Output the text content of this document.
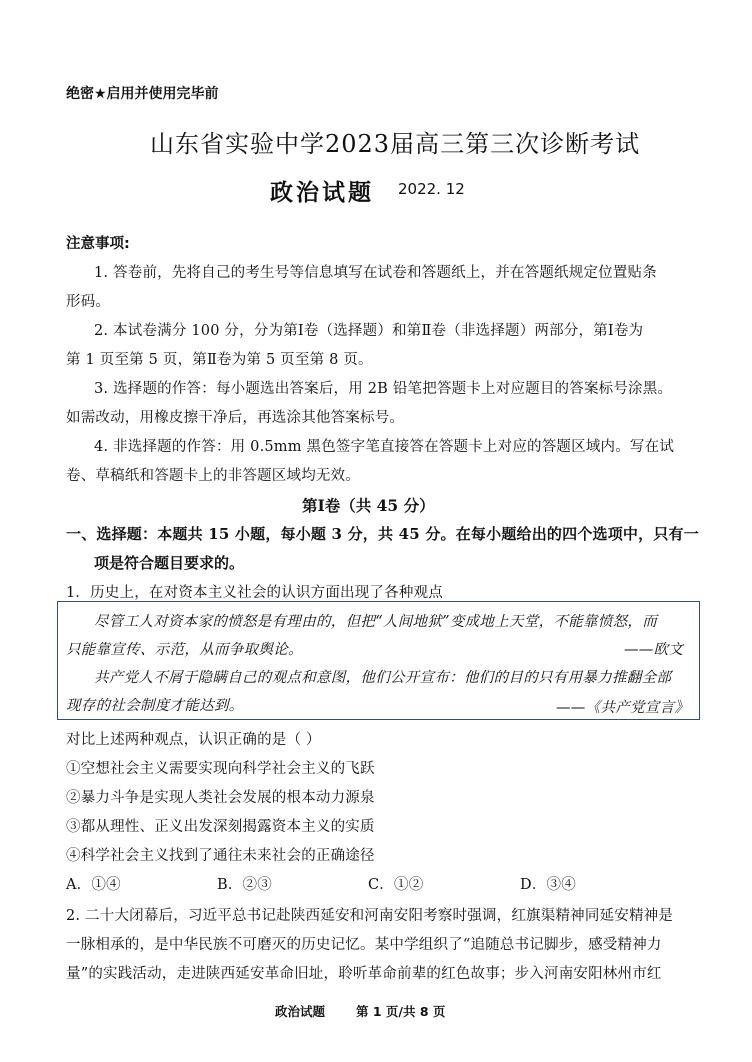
绝密★启用并使用完毕前
山东省实验中学2023届高三第三次诊断考试
政治试题 2022. 12
注意事项:
1. 答卷前，先将自己的考生号等信息填写在试卷和答题纸上，并在答题纸规定位置贴条
形码。
2. 本试卷满分 100 分，分为第Ⅰ卷（选择题）和第Ⅱ卷（非选择题）两部分，第Ⅰ卷为
第 1 页至第 5 页，第Ⅱ卷为第 5 页至第 8 页。
3. 选择题的作答：每小题选出答案后，用 2B 铅笔把答题卡上对应题目的答案标号涂黑。
如需改动，用橡皮擦干净后，再选涂其他答案标号。
4. 非选择题的作答：用 0.5mm 黑色签字笔直接答在答题卡上对应的答题区域内。写在试
卷、草稿纸和答题卡上的非答题区域均无效。
第Ⅰ卷（共 45 分）
一、选择题：本题共 15 小题，每小题 3 分，共 45 分。在每小题给出的四个选项中，只有一
项是符合题目要求的。
1．历史上，在对资本主义社会的认识方面出现了各种观点
尽管工人对资本家的愤怒是有理由的，但把“人间地狱”变成地上天堂，不能靠愤怒，而
只能靠宣传、示范，从而争取舆论。	——欧文
共产党人不屑于隐瞒自己的观点和意图，他们公开宣布：他们的目的只有用暴力推翻全部
现存的社会制度才能达到。	——《共产党宣言》
对比上述两种观点，认识正确的是（ ）
①空想社会主义需要实现向科学社会主义的飞跃
②暴力斗争是实现人类社会发展的根本动力源泉
③都从理性、正义出发深刻揭露资本主义的实质
④科学社会主义找到了通往未来社会的正确途径
A．①④	B．②③	C．①②	D．③④
2. 二十大闭幕后，习近平总书记赴陕西延安和河南安阳考察时强调，红旗渠精神同延安精神是
一脉相承的，是中华民族不可磨灭的历史记忆。某中学组织了“追随总书记脚步，感受精神力
量”的实践活动，走进陕西延安革命旧址，聆听革命前辈的红色故事；步入河南安阳林州市红
政治试题 第 1 页/共 8 页
